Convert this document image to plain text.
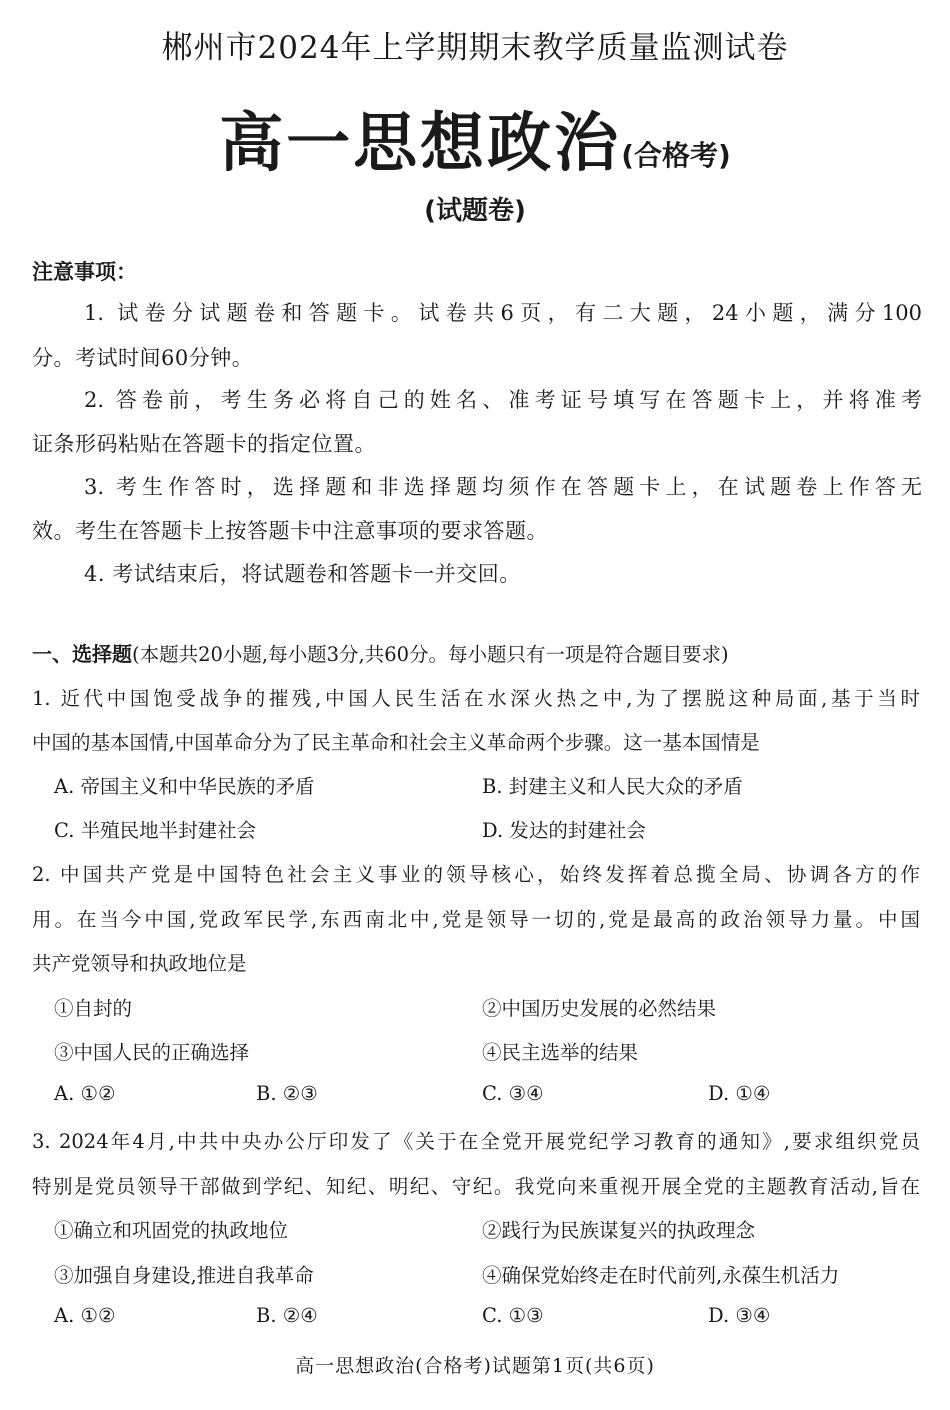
郴州市2024年上学期期末教学质量监测试卷
高一思想政治(合格考)
(试题卷)
注意事项：
1. 试卷分试题卷和答题卡。试卷共6页，有二大题，24小题，满分100
分。考试时间60分钟。
2. 答卷前，考生务必将自己的姓名、准考证号填写在答题卡上，并将准考
证条形码粘贴在答题卡的指定位置。
3. 考生作答时，选择题和非选择题均须作在答题卡上，在试题卷上作答无
效。考生在答题卡上按答题卡中注意事项的要求答题。
4. 考试结束后，将试题卷和答题卡一并交回。
一、选择题(本题共20小题,每小题3分,共60分。每小题只有一项是符合题目要求)
1. 近代中国饱受战争的摧残,中国人民生活在水深火热之中,为了摆脱这种局面,基于当时
中国的基本国情,中国革命分为了民主革命和社会主义革命两个步骤。这一基本国情是
A. 帝国主义和中华民族的矛盾	B. 封建主义和人民大众的矛盾
C. 半殖民地半封建社会	D. 发达的封建社会
2. 中国共产党是中国特色社会主义事业的领导核心，始终发挥着总揽全局、协调各方的作
用。在当今中国,党政军民学,东西南北中,党是领导一切的,党是最高的政治领导力量。中国
共产党领导和执政地位是
①自封的	②中国历史发展的必然结果
③中国人民的正确选择	④民主选举的结果
A. ①②	B. ②③	C. ③④	D. ①④
3. 2024年4月,中共中央办公厅印发了《关于在全党开展党纪学习教育的通知》,要求组织党员
特别是党员领导干部做到学纪、知纪、明纪、守纪。我党向来重视开展全党的主题教育活动,旨在
①确立和巩固党的执政地位	②践行为民族谋复兴的执政理念
③加强自身建设,推进自我革命	④确保党始终走在时代前列,永葆生机活力
A. ①②	B. ②④	C. ①③	D. ③④
高一思想政治(合格考)试题第1页(共6页)
